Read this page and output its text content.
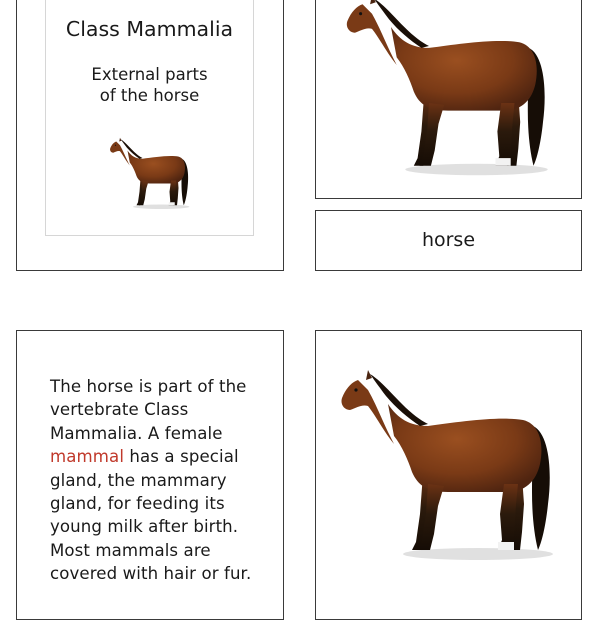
Class Mammalia
External parts
of the horse
horse
The horse is part of the vertebrate Class Mammalia. A female mammal has a special gland, the mammary gland, for feeding its young milk after birth. Most mammals are covered with hair or fur.
